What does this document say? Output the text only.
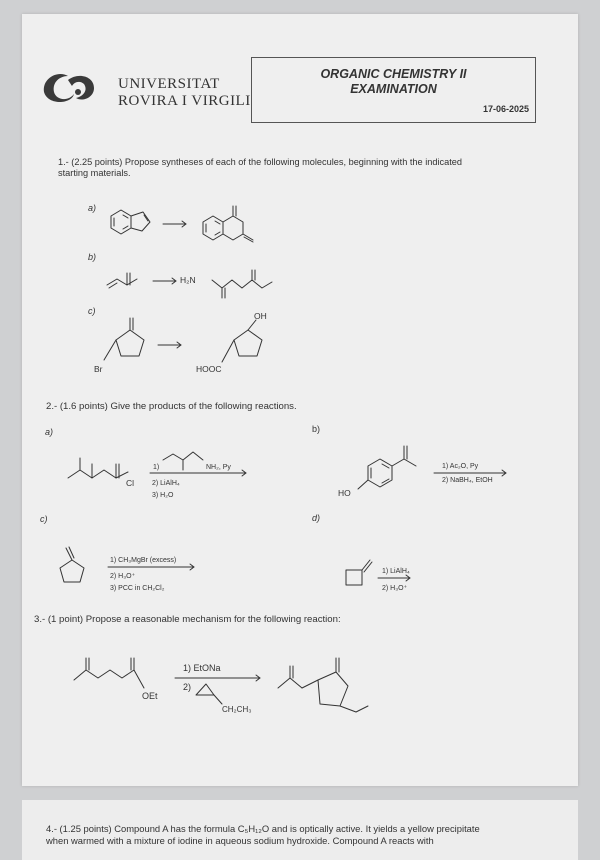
UNIVERSITAT
ROVIRA I VIRGILI
ORGANIC CHEMISTRY II
EXAMINATION
17-06-2025
1.- (2.25 points) Propose syntheses of each of the following molecules, beginning with the indicated
starting materials.
a)
b)
c)
2.- (1.6 points) Give the products of the following reactions.
a)	b)
c)	d)
3.- (1 point) Propose a reasonable mechanism for the following reaction:
4.- (1.25 points) Compound A has the formula C₅H₁₂O and is optically active. It yields a yellow precipitate
when warmed with a mixture of iodine in aqueous sodium hydroxide. Compound A reacts with
H₂N
Br	HOOC
OH
Cl
1)	NH₂, Py
2) LiAlH₄
3) H₂O	HO
1) Ac₂O, Py
2) NaBH₄, EtOH
1) CH₃MgBr (excess)
2) H₃O⁺
3) PCC in CH₂Cl₂
1) LiAlH₄
2) H₃O⁺
OEt
1) EtONa
2)
CH₂CH₃
